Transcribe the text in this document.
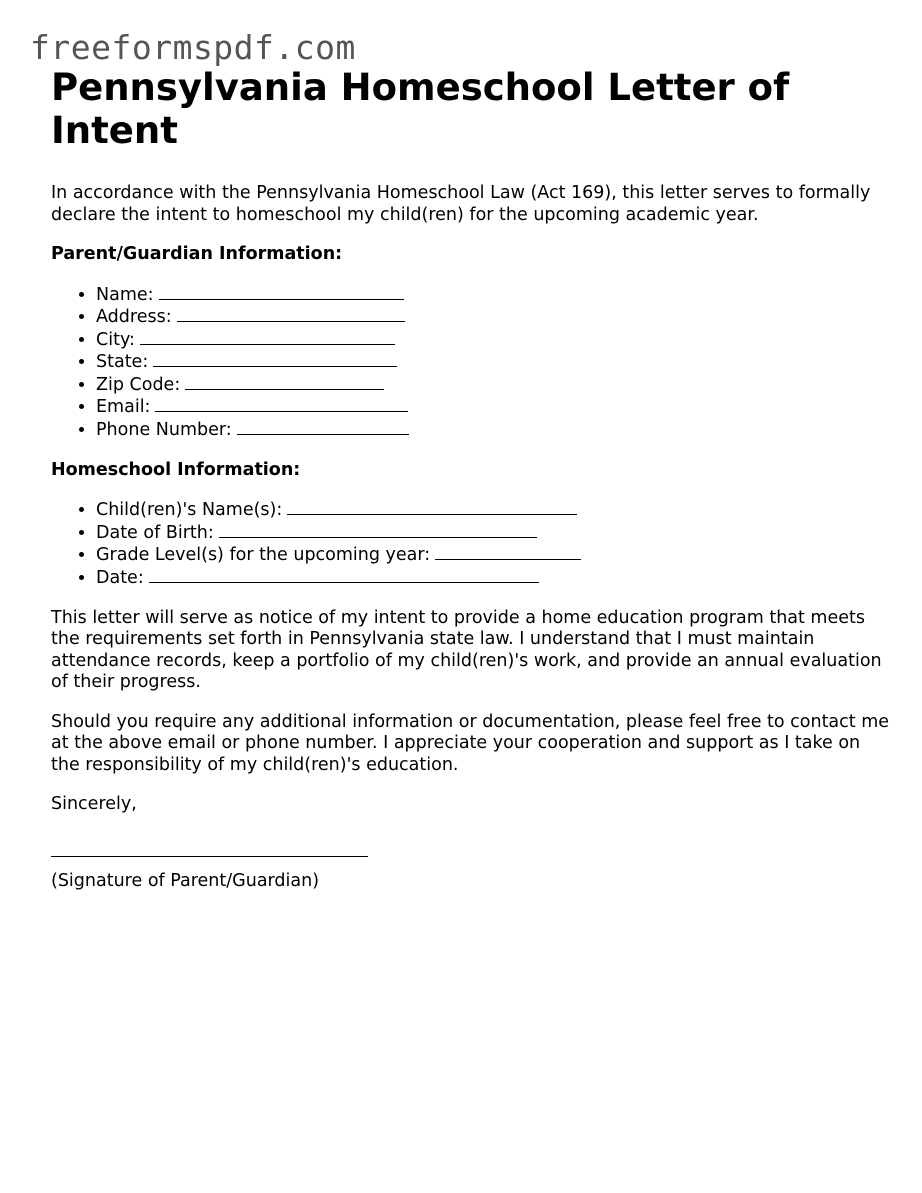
freeformspdf.com
Pennsylvania Homeschool Letter of Intent

In accordance with the Pennsylvania Homeschool Law (Act 169), this letter serves to formally declare the intent to homeschool my child(ren) for the upcoming academic year.

Parent/Guardian Information:
• Name:
• Address:
• City:
• State:
• Zip Code:
• Email:
• Phone Number:
Homeschool Information:
• Child(ren)'s Name(s):
• Date of Birth:
• Grade Level(s) for the upcoming year:
• Date:

This letter will serve as notice of my intent to provide a home education program that meets the requirements set forth in Pennsylvania state law. I understand that I must maintain attendance records, keep a portfolio of my child(ren)'s work, and provide an annual evaluation of their progress.

Should you require any additional information or documentation, please feel free to contact me at the above email or phone number. I appreciate your cooperation and support as I take on the responsibility of my child(ren)'s education.

Sincerely,

(Signature of Parent/Guardian)
